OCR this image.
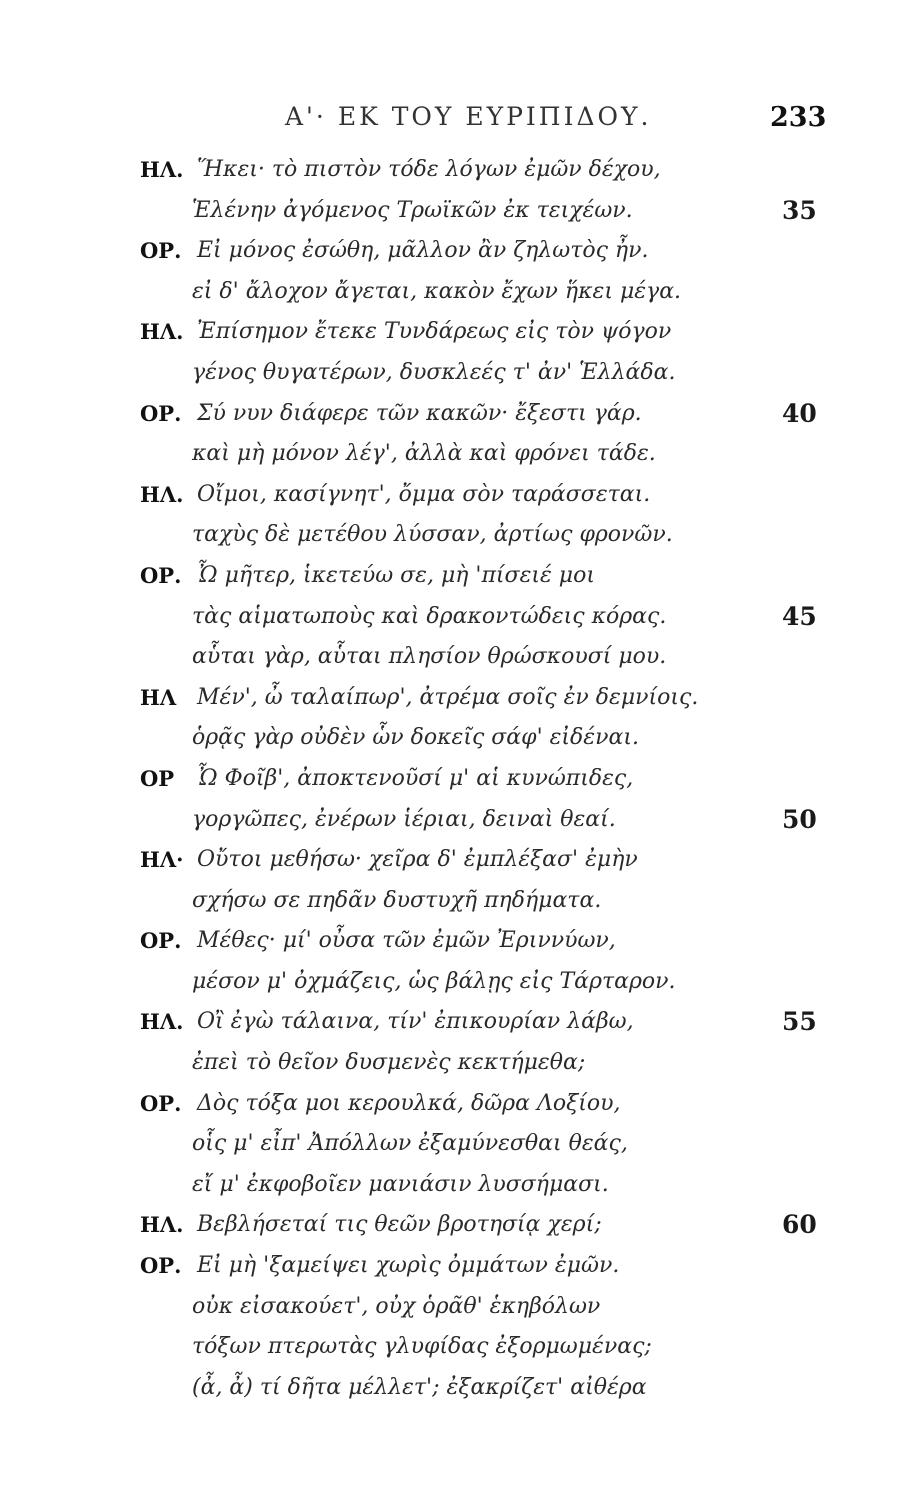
Α'· ΕΚ ΤΟΥ ΕΥΡΙΠΙΔΟΥ.	233
ΗΛ. Ἥκει· τὸ πιστὸν τόδε λόγων ἐμῶν δέχου,
Ἑλένην ἀγόμενος Τρωϊκῶν ἐκ τειχέων.	35
ΟΡ. Εἰ μόνος ἐσώθη, μᾶλλον ἂν ζηλωτὸς ἦν.
εἰ δ' ἄλοχον ἄγεται, κακὸν ἔχων ἥκει μέγα.
ΗΛ. Ἐπίσημον ἔτεκε Τυνδάρεως εἰς τὸν ψόγον
γένος θυγατέρων, δυσκλεές τ' ἀν' Ἑλλάδα.
ΟΡ. Σύ νυν διάφερε τῶν κακῶν· ἔξεστι γάρ.	40
καὶ μὴ μόνον λέγ', ἀλλὰ καὶ φρόνει τάδε.
ΗΛ. Οἴμοι, κασίγνητ', ὄμμα σὸν ταράσσεται.
ταχὺς δὲ μετέθου λύσσαν, ἀρτίως φρονῶν.
ΟΡ. Ὦ μῆτερ, ἱκετεύω σε, μὴ 'πίσειέ μοι
τὰς αἱματωποὺς καὶ δρακοντώδεις κόρας.	45
αὗται γὰρ, αὗται πλησίον θρώσκουσί μου.
ΗΛ Μέν', ὦ ταλαίπωρ', ἀτρέμα σοῖς ἐν δεμνίοις.
ὁρᾷς γὰρ οὐδὲν ὧν δοκεῖς σάφ' εἰδέναι.
ΟΡ Ὦ Φοῖβ', ἀποκτενοῦσί μ' αἱ κυνώπιδες,
γοργῶπες, ἐνέρων ἱέριαι, δειναὶ θεαί.	50
ΗΛ· Οὔτοι μεθήσω· χεῖρα δ' ἐμπλέξασ' ἐμὴν
σχήσω σε πηδᾶν δυστυχῆ πηδήματα.
ΟΡ. Μέθες· μί' οὖσα τῶν ἐμῶν Ἐριννύων,
μέσον μ' ὀχμάζεις, ὡς βάλῃς εἰς Τάρταρον.
ΗΛ. Οἲ ἐγὼ τάλαινα, τίν' ἐπικουρίαν λάβω,	55
ἐπεὶ τὸ θεῖον δυσμενὲς κεκτήμεθα;
ΟΡ. Δὸς τόξα μοι κερουλκά, δῶρα Λοξίου,
οἷς μ' εἶπ' Ἀπόλλων ἐξαμύνεσθαι θεάς,
εἴ μ' ἐκφοβοῖεν μανιάσιν λυσσήμασι.
ΗΛ. Βεβλήσεταί τις θεῶν βροτησίᾳ χερί;	60
ΟΡ. Εἰ μὴ 'ξαμείψει χωρὶς ὀμμάτων ἐμῶν.
οὐκ εἰσακούετ', οὐχ ὁρᾶθ' ἑκηβόλων
τόξων πτερωτὰς γλυφίδας ἐξορμωμένας;
(ἆ, ἆ) τί δῆτα μέλλετ'; ἐξακρίζετ' αἰθέρα
